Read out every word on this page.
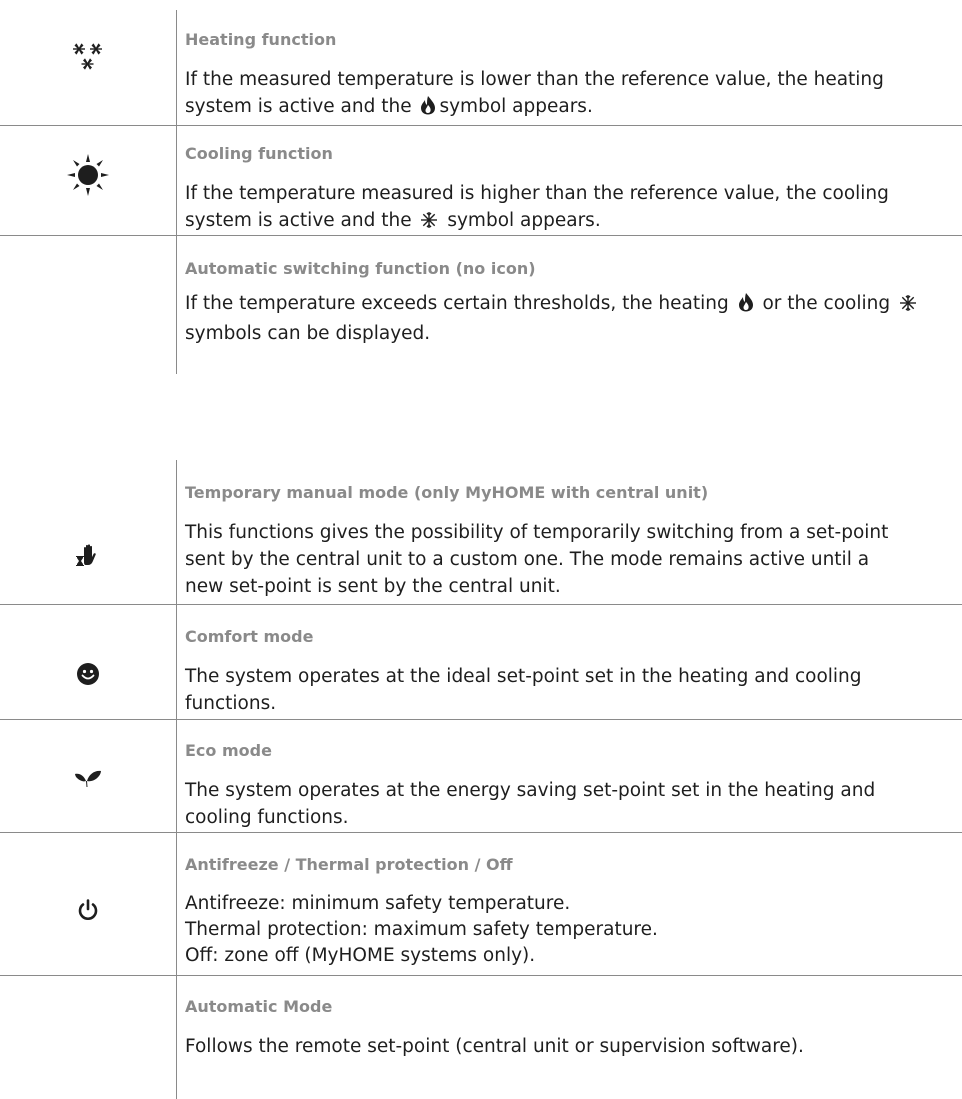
Heating function
If the measured temperature is lower than the reference value, the heating
system is active and the symbol appears.
Cooling function
If the temperature measured is higher than the reference value, the cooling
system is active and the  symbol appears.
Automatic switching function (no icon)
If the temperature exceeds certain thresholds, the heating  or the cooling
symbols can be displayed.
Temporary manual mode (only MyHOME with central unit)
This functions gives the possibility of temporarily switching from a set-point
sent by the central unit to a custom one. The mode remains active until a
new set-point is sent by the central unit.
Comfort mode
The system operates at the ideal set-point set in the heating and cooling
functions.
Eco mode
The system operates at the energy saving set-point set in the heating and
cooling functions.
Antifreeze / Thermal protection / Off
Antifreeze: minimum safety temperature.
Thermal protection: maximum safety temperature.
Off: zone off (MyHOME systems only).
Automatic Mode
Follows the remote set-point (central unit or supervision software).
